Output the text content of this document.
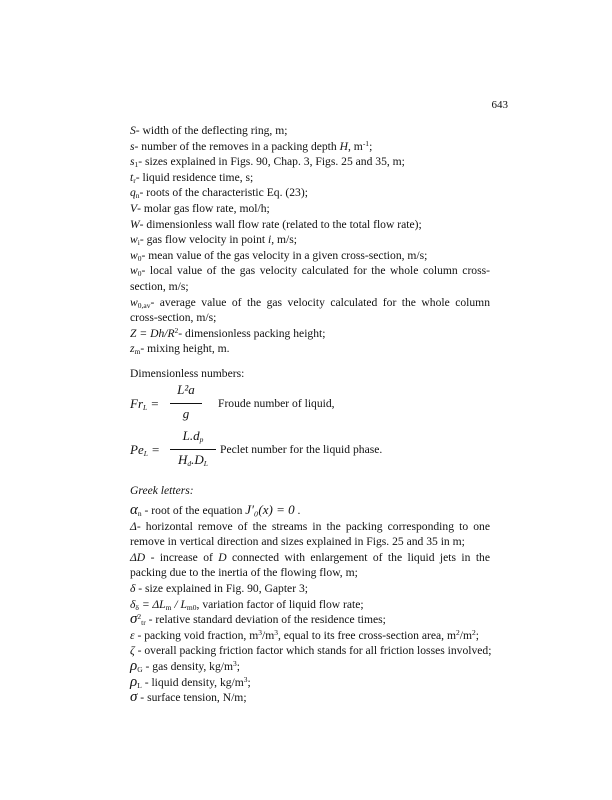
643
S- width of the deflecting ring, m;
s- number of the removes in a packing depth H, $m^{-1}$;
$s_1-$ sizes explained in Figs. 90, Chap. 3, Figs. 25 and 35, m;
$t_r-$ liquid residence time, s;
$q_n-$ roots of the characteristic Eq. (23);
V- molar gas flow rate, mol/h;
W- dimensionless wall flow rate (related to the total flow rate);
$w_i-$ gas flow velocity in point i, m/s;
$w_0-$ mean value of the gas velocity in a given cross-section, m/s;
$w_0-$ local value of the gas velocity calculated for the whole column cross-section, m/s;
$w_{0,av}-$ average value of the gas velocity calculated for the whole column cross-section, m/s;
$Z = Dh/R^2-$ dimensionless packing height;
$z_m-$ mixing height, m.
Dimensionless numbers:
$Fr_L$ =
L²a
g
Froude number of liquid,
$Pe_L$ =
$L.d_p$
$H_d.D_L$
Peclet number for the liquid phase.
Greek letters:
$\alpha_n$ - root of the equation J′₀(x) = 0 .
Δ- horizontal remove of the streams in the packing corresponding to one remove in vertical direction and sizes explained in Figs. 25 and 35 in m;
ΔD - increase of D connected with enlargement of the liquid jets in the packing due to the inertia of the flowing flow, m;
δ - size explained in Fig. 90, Gapter 3;
$\delta_\delta = \Delta L_m / L_{m0}$, variation factor of liquid flow rate;
$\sigma^2_{tr}$ - relative standard deviation of the residence times;
ε - packing void fraction, $m^3/m^3$, equal to its free cross-section area, $m^2/m^2$;
ζ - overall packing friction factor which stands for all friction losses involved;
$\rho_G$ - gas density, $kg/m^3$;
$\rho_L$ - liquid density, $kg/m^3$;
σ - surface tension, N/m;
